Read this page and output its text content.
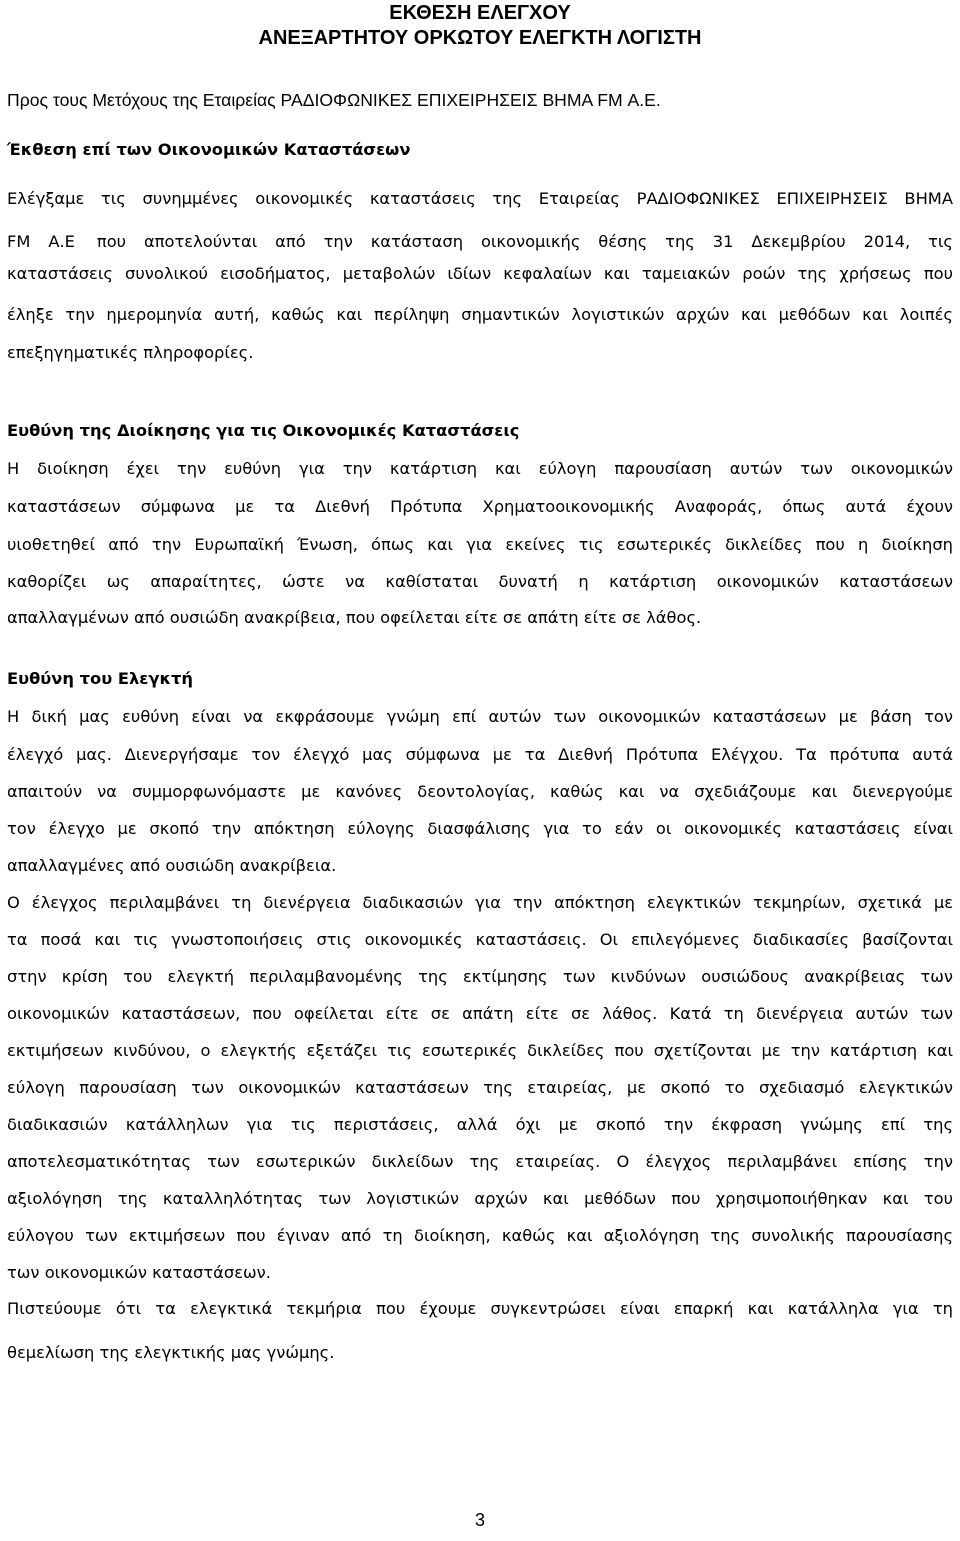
ΕΚΘΕΣΗ ΕΛΕΓΧΟΥ
ΑΝΕΞΑΡΤΗΤΟΥ ΟΡΚΩΤΟΥ ΕΛΕΓΚΤΗ ΛΟΓΙΣΤΗ
Προς τους Μετόχους της Εταιρείας ΡΑΔΙΟΦΩΝΙΚΕΣ ΕΠΙΧΕΙΡΗΣΕΙΣ ΒΗΜΑ FM Α.Ε.
Έκθεση επί των Οικονομικών Καταστάσεων
Ελέγξαμε τις συνημμένες οικονομικές καταστάσεις της Εταιρείας ΡΑΔΙΟΦΩΝΙΚΕΣ ΕΠΙΧΕΙΡΗΣΕΙΣ ΒΗΜΑ
FM Α.Ε που αποτελούνται από την κατάσταση οικονομικής θέσης της 31 Δεκεμβρίου 2014, τις
καταστάσεις συνολικού εισοδήματος, μεταβολών ιδίων κεφαλαίων και ταμειακών ροών της χρήσεως που
έληξε την ημερομηνία αυτή, καθώς και περίληψη σημαντικών λογιστικών αρχών και μεθόδων και λοιπές
επεξηγηματικές πληροφορίες.
Ευθύνη της Διοίκησης για τις Οικονομικές Καταστάσεις
Η διοίκηση έχει την ευθύνη για την κατάρτιση και εύλογη παρουσίαση αυτών των οικονομικών
καταστάσεων σύμφωνα με τα Διεθνή Πρότυπα Χρηματοοικονομικής Αναφοράς, όπως αυτά έχουν
υιοθετηθεί από την Ευρωπαϊκή Ένωση, όπως και για εκείνες τις εσωτερικές δικλείδες που η διοίκηση
καθορίζει ως απαραίτητες, ώστε να καθίσταται δυνατή η κατάρτιση οικονομικών καταστάσεων
απαλλαγμένων από ουσιώδη ανακρίβεια, που οφείλεται είτε σε απάτη είτε σε λάθος.
Ευθύνη του Ελεγκτή
Η δική μας ευθύνη είναι να εκφράσουμε γνώμη επί αυτών των οικονομικών καταστάσεων με βάση τον
έλεγχό μας. Διενεργήσαμε τον έλεγχό μας σύμφωνα με τα Διεθνή Πρότυπα Ελέγχου. Τα πρότυπα αυτά
απαιτούν να συμμορφωνόμαστε με κανόνες δεοντολογίας, καθώς και να σχεδιάζουμε και διενεργούμε
τον έλεγχο με σκοπό την απόκτηση εύλογης διασφάλισης για το εάν οι οικονομικές καταστάσεις είναι
απαλλαγμένες από ουσιώδη ανακρίβεια.
Ο έλεγχος περιλαμβάνει τη διενέργεια διαδικασιών για την απόκτηση ελεγκτικών τεκμηρίων, σχετικά με
τα ποσά και τις γνωστοποιήσεις στις οικονομικές καταστάσεις. Οι επιλεγόμενες διαδικασίες βασίζονται
στην κρίση του ελεγκτή περιλαμβανομένης της εκτίμησης των κινδύνων ουσιώδους ανακρίβειας των
οικονομικών καταστάσεων, που οφείλεται είτε σε απάτη είτε σε λάθος. Κατά τη διενέργεια αυτών των
εκτιμήσεων κινδύνου, ο ελεγκτής εξετάζει τις εσωτερικές δικλείδες που σχετίζονται με την κατάρτιση και
εύλογη παρουσίαση των οικονομικών καταστάσεων της εταιρείας, με σκοπό το σχεδιασμό ελεγκτικών
διαδικασιών κατάλληλων για τις περιστάσεις, αλλά όχι με σκοπό την έκφραση γνώμης επί της
αποτελεσματικότητας των εσωτερικών δικλείδων της εταιρείας. Ο έλεγχος περιλαμβάνει επίσης την
αξιολόγηση της καταλληλότητας των λογιστικών αρχών και μεθόδων που χρησιμοποιήθηκαν και του
εύλογου των εκτιμήσεων που έγιναν από τη διοίκηση, καθώς και αξιολόγηση της συνολικής παρουσίασης
των οικονομικών καταστάσεων.
Πιστεύουμε ότι τα ελεγκτικά τεκμήρια που έχουμε συγκεντρώσει είναι επαρκή και κατάλληλα για τη
θεμελίωση της ελεγκτικής μας γνώμης.
3
